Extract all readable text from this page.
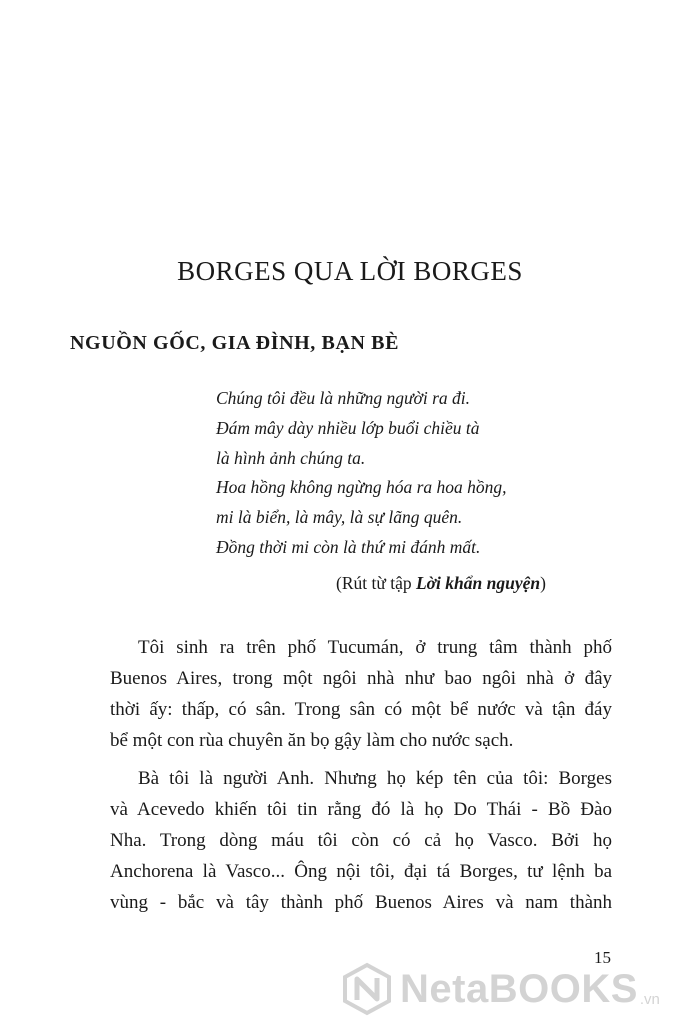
BORGES QUA LỜI BORGES
NGUỒN GỐC, GIA ĐÌNH, BẠN BÈ
Chúng tôi đều là những người ra đi.
Đám mây dày nhiều lớp buổi chiều tà
là hình ảnh chúng ta.
Hoa hồng không ngừng hóa ra hoa hồng,
mi là biển, là mây, là sự lãng quên.
Đồng thời mi còn là thứ mi đánh mất.
(Rút từ tập Lời khẩn nguyện)
Tôi sinh ra trên phố Tucumán, ở trung tâm thành phố
Buenos Aires, trong một ngôi nhà như bao ngôi nhà ở đây
thời ấy: thấp, có sân. Trong sân có một bể nước và tận đáy
bể một con rùa chuyên ăn bọ gậy làm cho nước sạch.
Bà tôi là người Anh. Nhưng họ kép tên của tôi: Borges
và Acevedo khiến tôi tin rằng đó là họ Do Thái - Bồ Đào
Nha. Trong dòng máu tôi còn có cả họ Vasco. Bởi họ
Anchorena là Vasco... Ông nội tôi, đại tá Borges, tư lệnh ba
vùng - bắc và tây thành phố Buenos Aires và nam thành
15
NetaBOOKS .vn
